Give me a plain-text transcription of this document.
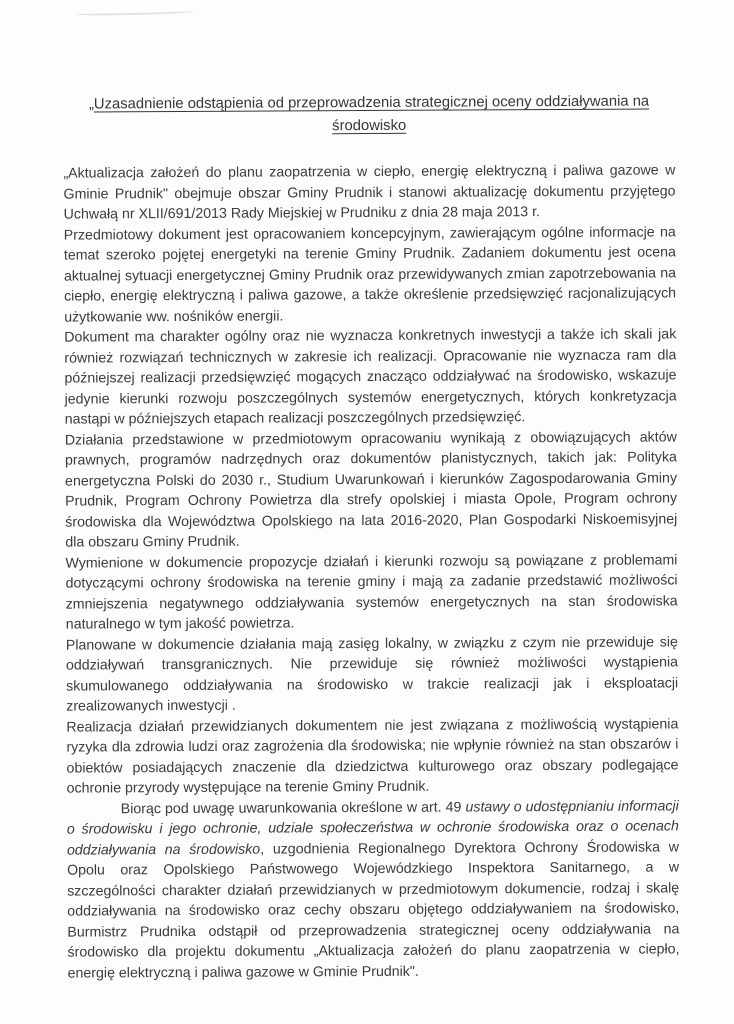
„Uzasadnienie odstąpienia od przeprowadzenia strategicznej oceny oddziaływania na środowisko

„Aktualizacja założeń do planu zaopatrzenia w ciepło, energię elektryczną i paliwa gazowe w Gminie Prudnik" obejmuje obszar Gminy Prudnik i stanowi aktualizację dokumentu przyjętego Uchwałą nr XLII/691/2013 Rady Miejskiej w Prudniku z dnia 28 maja 2013 r.

Przedmiotowy dokument jest opracowaniem koncepcyjnym, zawierającym ogólne informacje na temat szeroko pojętej energetyki na terenie Gminy Prudnik. Zadaniem dokumentu jest ocena aktualnej sytuacji energetycznej Gminy Prudnik oraz przewidywanych zmian zapotrzebowania na ciepło, energię elektryczną i paliwa gazowe, a także określenie przedsięwzięć racjonalizujących użytkowanie ww. nośników energii.

Dokument ma charakter ogólny oraz nie wyznacza konkretnych inwestycji a także ich skali jak również rozwiązań technicznych w zakresie ich realizacji. Opracowanie nie wyznacza ram dla późniejszej realizacji przedsięwzięć mogących znacząco oddziaływać na środowisko, wskazuje jedynie kierunki rozwoju poszczególnych systemów energetycznych, których konkretyzacja nastąpi w późniejszych etapach realizacji poszczególnych przedsięwzięć.

Działania przedstawione w przedmiotowym opracowaniu wynikają z obowiązujących aktów prawnych, programów nadrzędnych oraz dokumentów planistycznych, takich jak: Polityka energetyczna Polski do 2030 r., Studium Uwarunkowań i kierunków Zagospodarowania Gminy Prudnik, Program Ochrony Powietrza dla strefy opolskiej i miasta Opole, Program ochrony środowiska dla Województwa Opolskiego na lata 2016-2020, Plan Gospodarki Niskoemisyjnej dla obszaru Gminy Prudnik.

Wymienione w dokumencie propozycje działań i kierunki rozwoju są powiązane z problemami dotyczącymi ochrony środowiska na terenie gminy i mają za zadanie przedstawić możliwości zmniejszenia negatywnego oddziaływania systemów energetycznych na stan środowiska naturalnego w tym jakość powietrza.

Planowane w dokumencie działania mają zasięg lokalny, w związku z czym nie przewiduje się oddziaływań transgranicznych. Nie przewiduje się również możliwości wystąpienia skumulowanego oddziaływania na środowisko w trakcie realizacji jak i eksploatacji zrealizowanych inwestycji .

Realizacja działań przewidzianych dokumentem nie jest związana z możliwością wystąpienia ryzyka dla zdrowia ludzi oraz zagrożenia dla środowiska; nie wpłynie również na stan obszarów i obiektów posiadających znaczenie dla dziedzictwa kulturowego oraz obszary podlegające ochronie przyrody występujące na terenie Gminy Prudnik.

Biorąc pod uwagę uwarunkowania określone w art. 49 ustawy o udostępnianiu informacji o środowisku i jego ochronie, udziale społeczeństwa w ochronie środowiska oraz o ocenach oddziaływania na środowisko, uzgodnienia Regionalnego Dyrektora Ochrony Środowiska w Opolu oraz Opolskiego Państwowego Wojewódzkiego Inspektora Sanitarnego, a w szczególności charakter działań przewidzianych w przedmiotowym dokumencie, rodzaj i skalę oddziaływania na środowisko oraz cechy obszaru objętego oddziaływaniem na środowisko, Burmistrz Prudnika odstąpił od przeprowadzenia strategicznej oceny oddziaływania na środowisko dla projektu dokumentu „Aktualizacja założeń do planu zaopatrzenia w ciepło, energię elektryczną i paliwa gazowe w Gminie Prudnik".
